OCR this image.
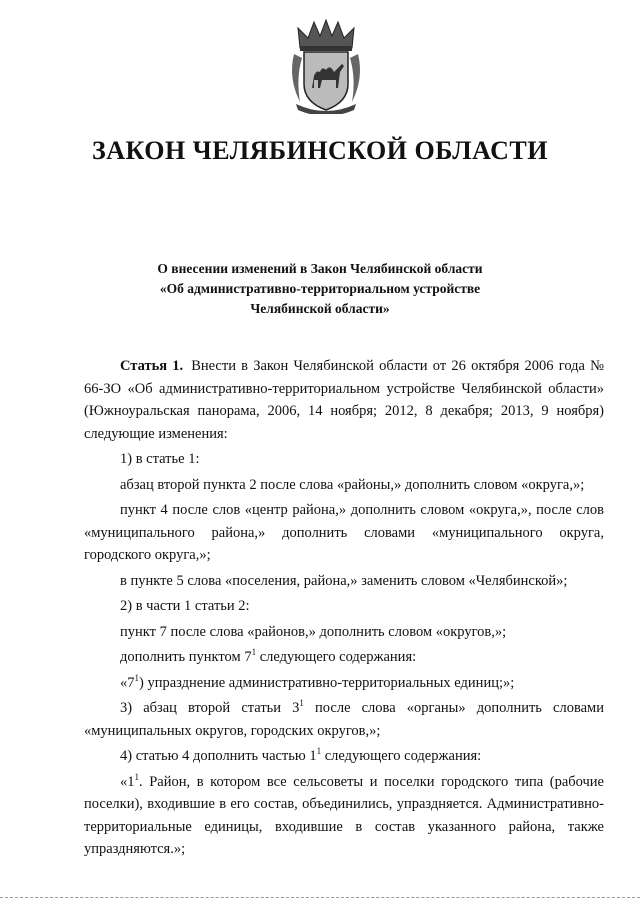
ЗАКОН ЧЕЛЯБИНСКОЙ ОБЛАСТИ
О внесении изменений в Закон Челябинской области
«Об административно-территориальном устройстве
Челябинской области»

Статья 1. Внести в Закон Челябинской области от 26 октября 2006 года № 66-ЗО «Об административно-территориальном устройстве Челябинской области» (Южноуральская панорама, 2006, 14 ноября; 2012, 8 декабря; 2013, 9 ноября) следующие изменения:

1) в статье 1:

абзац второй пункта 2 после слова «районы,» дополнить словом «округа,»;

пункт 4 после слов «центр района,» дополнить словом «округа,», после слов «муниципального района,» дополнить словами «муниципального округа, городского округа,»;

в пункте 5 слова «поселения, района,» заменить словом «Челябинской»;

2) в части 1 статьи 2:

пункт 7 после слова «районов,» дополнить словом «округов,»;

дополнить пунктом $7^1$ следующего содержания:

«$7^1$) упразднение административно-территориальных единиц;»;

3) абзац второй статьи $3^1$ после слова «органы» дополнить словами «муниципальных округов, городских округов,»;

4) статью 4 дополнить частью $1^1$ следующего содержания:

«$1^1$. Район, в котором все сельсоветы и поселки городского типа (рабочие поселки), входившие в его состав, объединились, упраздняется. Административно-территориальные единицы, входившие в состав указанного района, также упраздняются.»;
